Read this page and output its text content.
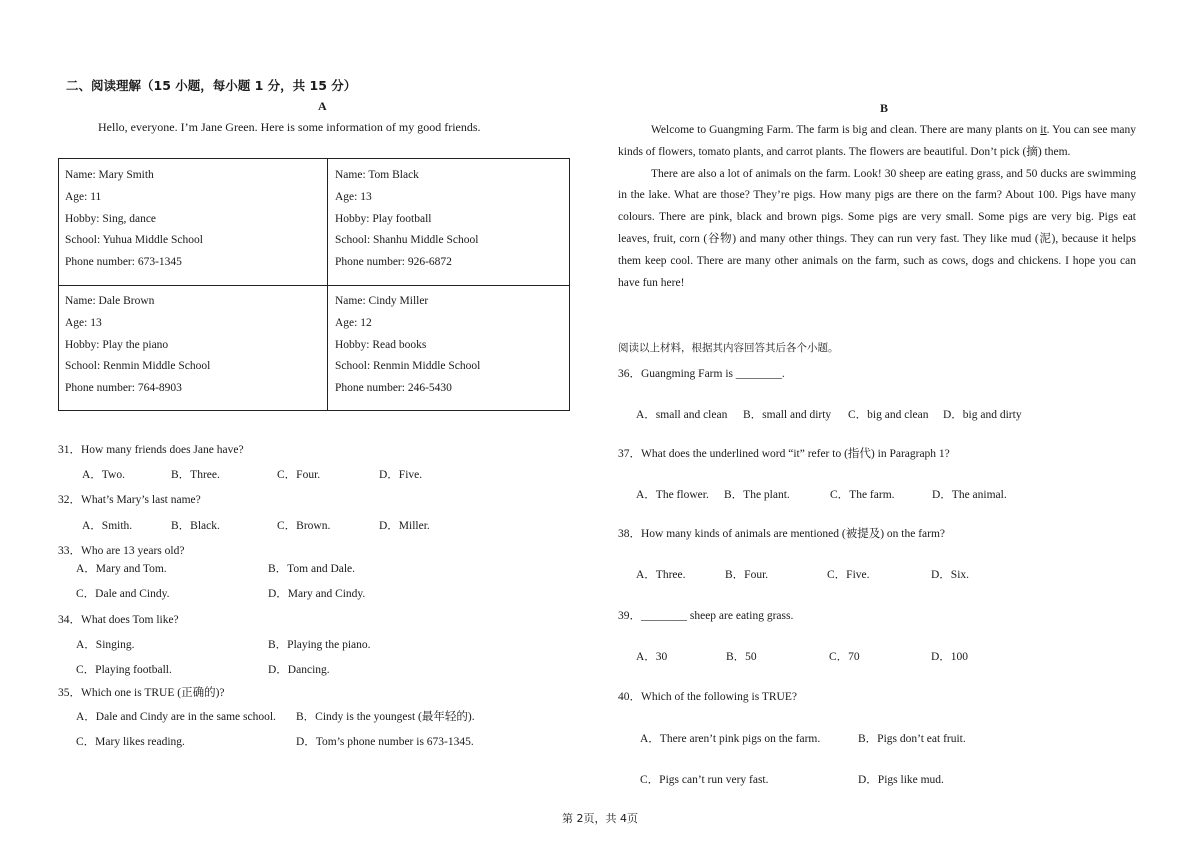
二、阅读理解（15 小题，每小题 1 分，共 15 分）
A
Hello, everyone. I’m Jane Green. Here is some information of my good friends.
Name: Mary Smith
Age: 11
Hobby: Sing, dance
School: Yuhua Middle School
Phone number: 673-1345
Name: Tom Black
Age: 13
Hobby: Play football
School: Shanhu Middle School
Phone number: 926-6872
Name: Dale Brown
Age: 13
Hobby: Play the piano
School: Renmin Middle School
Phone number: 764-8903
Name: Cindy Miller
Age: 12
Hobby: Read books
School: Renmin Middle School
Phone number: 246-5430
31．How many friends does Jane have?
A．Two.	B．Three.	C．Four.	D．Five.
32．What’s Mary’s last name?
A．Smith.	B．Black.	C．Brown.	D．Miller.
33．Who are 13 years old?
A．Mary and Tom.	B．Tom and Dale.
C．Dale and Cindy.	D．Mary and Cindy.
34．What does Tom like?
A．Singing.	B．Playing the piano.
C．Playing football.	D．Dancing.
35．Which one is TRUE (正确的)?
A．Dale and Cindy are in the same school. B．Cindy is the youngest (最年轻的).
C．Mary likes reading.	D．Tom’s phone number is 673-1345.
B

Welcome to Guangming Farm. The farm is big and clean. There are many plants on it. You can see many kinds of flowers, tomato plants, and carrot plants. The flowers are beautiful. Don’t pick (摘) them.

There are also a lot of animals on the farm. Look! 30 sheep are eating grass, and 50 ducks are swimming in the lake. What are those? They’re pigs. How many pigs are there on the farm? About 100. Pigs have many colours. There are pink, black and brown pigs. Some pigs are very small. Some pigs are very big. Pigs eat leaves, fruit, corn (谷物) and many other things. They can run very fast. They like mud (泥), because it helps them keep cool. There are many other animals on the farm, such as cows, dogs and chickens. I hope you can have fun here!

阅读以上材料，根据其内容回答其后各个小题。
36．Guangming Farm is ________.
A．small and clean B．small and dirty C．big and clean D．big and dirty
37．What does the underlined word “it” refer to (指代) in Paragraph 1?
A．The flower. B．The plant.	C．The farm.	D．The animal.
38．How many kinds of animals are mentioned (被提及) on the farm?
A．Three.	B．Four.	C．Five.	D．Six.
39．________ sheep are eating grass.
A．30	B．50	C．70	D．100
40．Which of the following is TRUE?
A．There aren’t pink pigs on the farm.	B．Pigs don’t eat fruit.
C．Pigs can’t run very fast.	D．Pigs like mud.
第 2页，共 4页
